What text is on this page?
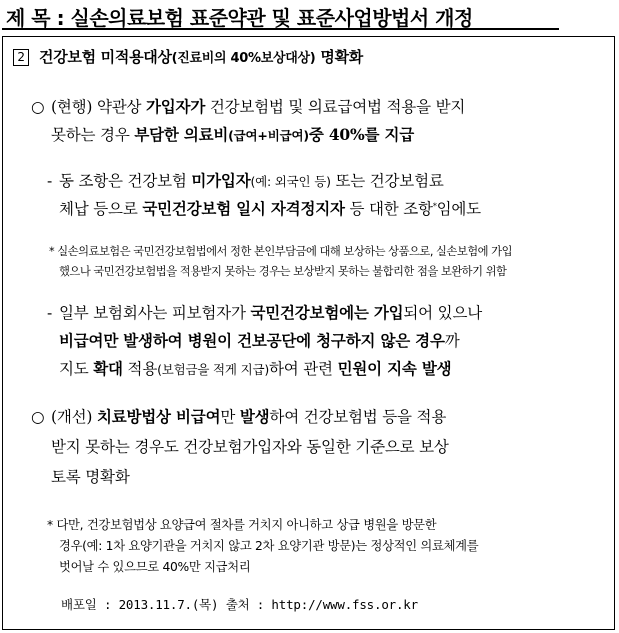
제 목 : 실손의료보험 표준약관 및 표준사업방법서 개정
2 건강보험 미적용대상(진료비의 40%보상대상) 명확화
○ (현행) 약관상 가입자가 건강보험법 및 의료급여법 적용을 받지
못하는 경우 부담한 의료비(급여+비급여)중 40%를 지급
- 동 조항은 건강보험 미가입자(예: 외국인 등) 또는 건강보험료
체납 등으로 국민건강보험 일시 자격정지자 등 대한 조항*임에도
* 실손의료보험은 국민건강보험법에서 정한 본인부담금에 대해 보상하는 상품으로, 실손보험에 가입
했으나 국민건강보험법을 적용받지 못하는 경우는 보상받지 못하는 불합리한 점을 보완하기 위함
- 일부 보험회사는 피보험자가 국민건강보험에는 가입되어 있으나
비급여만 발생하여 병원이 건보공단에 청구하지 않은 경우까
지도 확대 적용(보험금을 적게 지급)하여 관련 민원이 지속 발생
○ (개선) 치료방법상 비급여만 발생하여 건강보험법 등을 적용
받지 못하는 경우도 건강보험가입자와 동일한 기준으로 보상
토록 명확화
* 다만, 건강보험법상 요양급여 절차를 거치지 아니하고 상급 병원을 방문한
경우(예: 1차 요양기관을 거치지 않고 2차 요양기관 방문)는 정상적인 의료체계를
벗어날 수 있으므로 40%만 지급처리
배포일 : 2013.11.7.(목) 출처 : http://www.fss.or.kr
